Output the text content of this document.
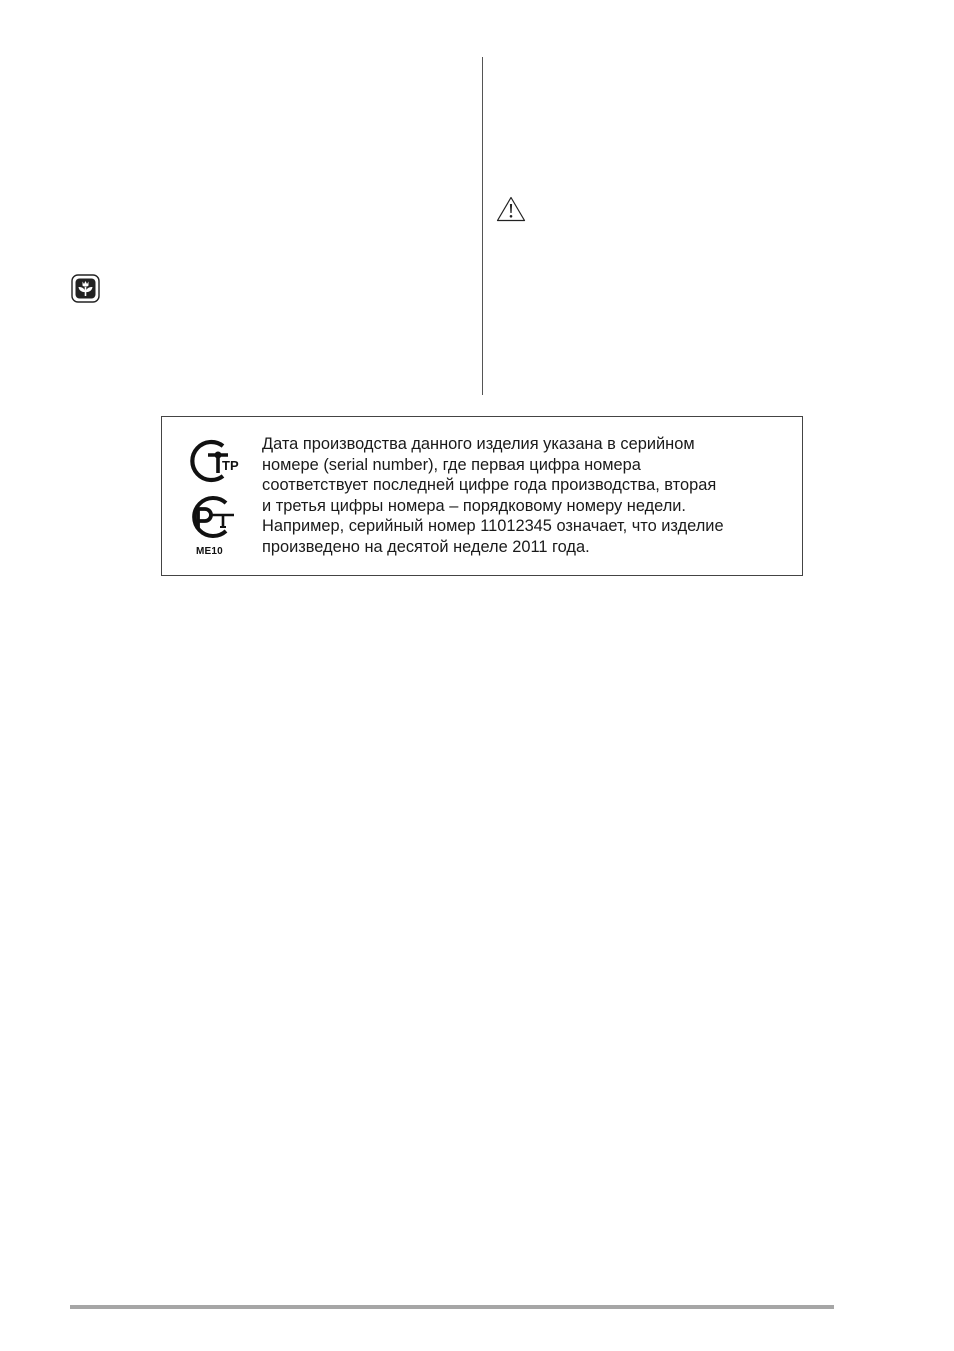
ТР
МЕ10

Дата производства данного изделия указана в серийном
номере (serial number), где первая цифра номера
соответствует последней цифре года производства, вторая
и третья цифры номера – порядковому номеру недели.
Например, серийный номер 11012345 означает, что изделие
произведено на десятой неделе 2011 года.
